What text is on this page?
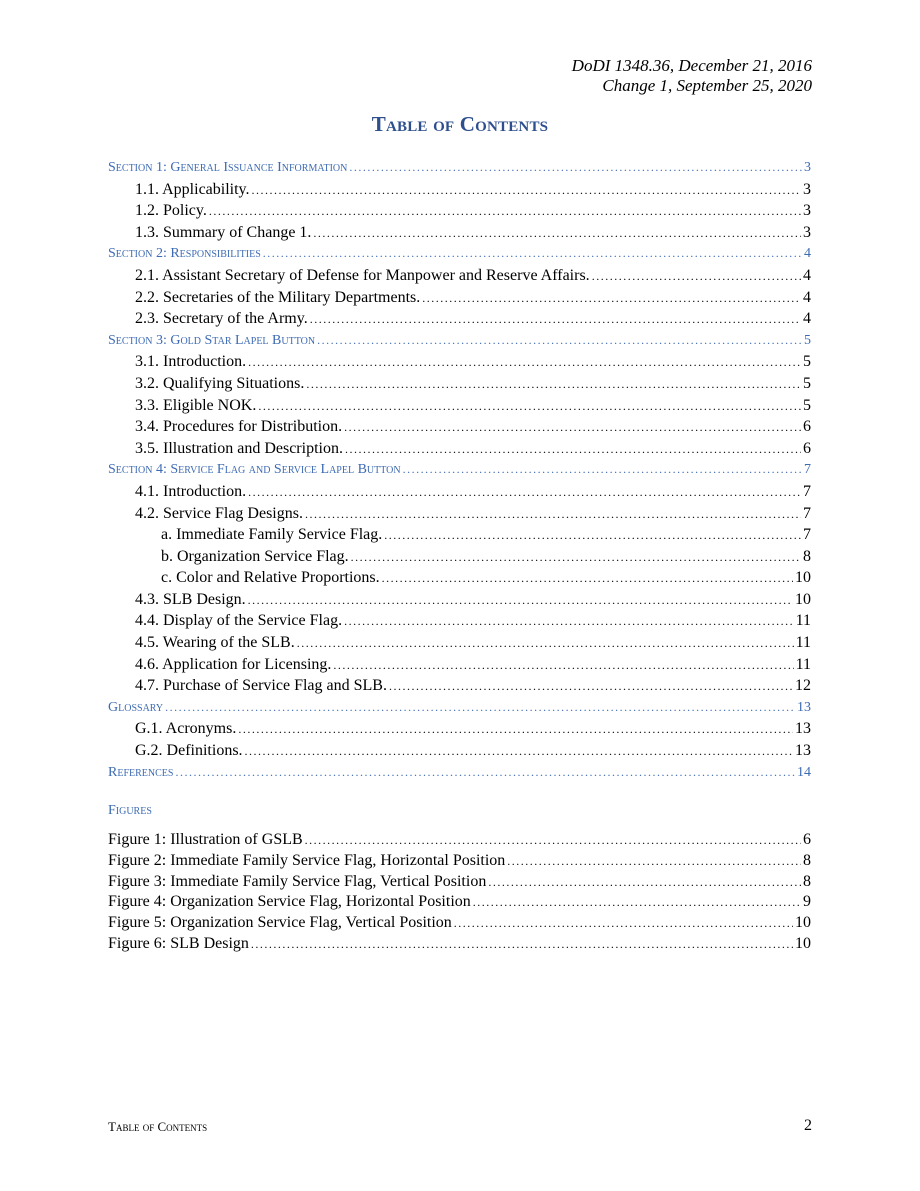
DoDI 1348.36, December 21, 2016
Change 1, September 25, 2020
Table of Contents
Section 1: General Issuance Information .....	3
1.1. Applicability. .....	3
1.2. Policy. .....	3
1.3. Summary of Change 1. .....	3
Section 2: Responsibilities .....	4
2.1. Assistant Secretary of Defense for Manpower and Reserve Affairs. .....	4
2.2. Secretaries of the Military Departments. .....	4
2.3. Secretary of the Army. .....	4
Section 3: Gold Star Lapel Button .....	5
3.1. Introduction. .....	5
3.2. Qualifying Situations. .....	5
3.3. Eligible NOK. .....	5
3.4. Procedures for Distribution. .....	6
3.5. Illustration and Description. .....	6
Section 4: Service Flag and Service Lapel Button .....	7
4.1. Introduction. .....	7
4.2. Service Flag Designs. .....	7
a. Immediate Family Service Flag. .....	7
b. Organization Service Flag. .....	8
c. Color and Relative Proportions. .....	10
4.3. SLB Design. .....	10
4.4. Display of the Service Flag. .....	11
4.5. Wearing of the SLB. .....	11
4.6. Application for Licensing. .....	11
4.7. Purchase of Service Flag and SLB. .....	12
Glossary .....	13
G.1. Acronyms. .....	13
G.2. Definitions. .....	13
References .....	14
Figures
Figure 1: Illustration of GSLB .....	6
Figure 2: Immediate Family Service Flag, Horizontal Position .....	8
Figure 3: Immediate Family Service Flag, Vertical Position .....	8
Figure 4: Organization Service Flag, Horizontal Position .....	9
Figure 5: Organization Service Flag, Vertical Position .....	10
Figure 6: SLB Design .....	10
Table of Contents	2
